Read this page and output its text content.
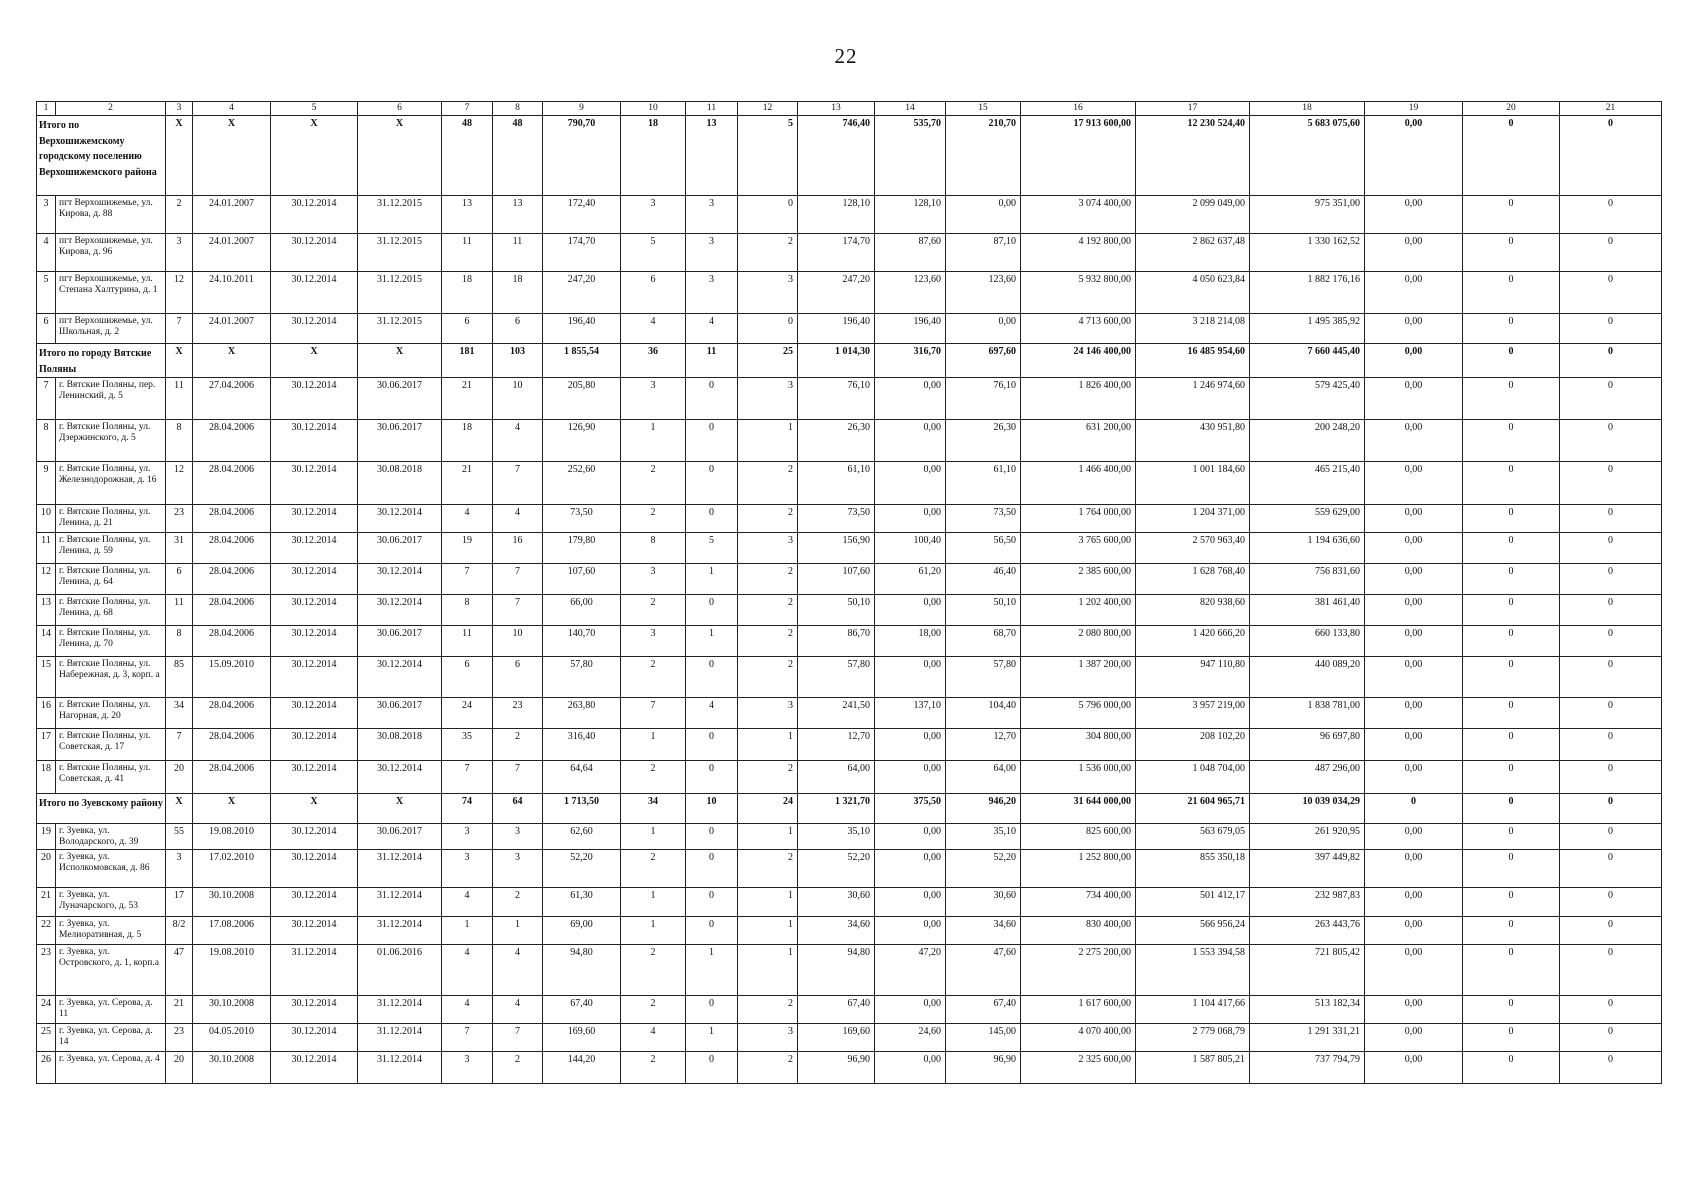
22
1	2	3	4	5	6	7	8	9	10	11	12	13	14	15	16	17	18	19	20	21
Итого по Верхошижемскому городскому поселению Верхошижемского района		X	X	X	X	48	48	790,70	18	13	5	746,40	535,70	210,70	17 913 600,00	12 230 524,40	5 683 075,60	0,00	0	0
3	пгт Верхошижемье, ул. Кирова, д. 88	2	24.01.2007	30.12.2014	31.12.2015	13	13	172,40	3	3	0	128,10	128,10	0,00	3 074 400,00	2 099 049,00	975 351,00	0,00	0	0
4	пгт Верхошижемье, ул. Кирова, д. 96	3	24.01.2007	30.12.2014	31.12.2015	11	11	174,70	5	3	2	174,70	87,60	87,10	4 192 800,00	2 862 637,48	1 330 162,52	0,00	0	0
5	пгт Верхошижемье, ул. Степана Халтурина, д. 1	12	24.10.2011	30.12.2014	31.12.2015	18	18	247,20	6	3	3	247,20	123,60	123,60	5 932 800,00	4 050 623,84	1 882 176,16	0,00	0	0
6	пгт Верхошижемье, ул. Школьная, д. 2	7	24.01.2007	30.12.2014	31.12.2015	6	6	196,40	4	4	0	196,40	196,40	0,00	4 713 600,00	3 218 214,08	1 495 385,92	0,00	0	0
Итого по городу Вятские Поляны		X	X	X	X	181	103	1 855,54	36	11	25	1 014,30	316,70	697,60	24 146 400,00	16 485 954,60	7 660 445,40	0,00	0	0
7	г. Вятские Поляны, пер. Ленинский, д. 5	11	27.04.2006	30.12.2014	30.06.2017	21	10	205,80	3	0	3	76,10	0,00	76,10	1 826 400,00	1 246 974,60	579 425,40	0,00	0	0
8	г. Вятские Поляны, ул. Дзержинского, д. 5	8	28.04.2006	30.12.2014	30.06.2017	18	4	126,90	1	0	1	26,30	0,00	26,30	631 200,00	430 951,80	200 248,20	0,00	0	0
9	г. Вятские Поляны, ул. Железнодорожная, д. 16	12	28.04.2006	30.12.2014	30.08.2018	21	7	252,60	2	0	2	61,10	0,00	61,10	1 466 400,00	1 001 184,60	465 215,40	0,00	0	0
10	г. Вятские Поляны, ул. Ленина, д. 21	23	28.04.2006	30.12.2014	30.12.2014	4	4	73,50	2	0	2	73,50	0,00	73,50	1 764 000,00	1 204 371,00	559 629,00	0,00	0	0
11	г. Вятские Поляны, ул. Ленина, д. 59	31	28.04.2006	30.12.2014	30.06.2017	19	16	179,80	8	5	3	156,90	100,40	56,50	3 765 600,00	2 570 963,40	1 194 636,60	0,00	0	0
12	г. Вятские Поляны, ул. Ленина, д. 64	6	28.04.2006	30.12.2014	30.12.2014	7	7	107,60	3	1	2	107,60	61,20	46,40	2 385 600,00	1 628 768,40	756 831,60	0,00	0	0
13	г. Вятские Поляны, ул. Ленина, д. 68	11	28.04.2006	30.12.2014	30.12.2014	8	7	66,00	2	0	2	50,10	0,00	50,10	1 202 400,00	820 938,60	381 461,40	0,00	0	0
14	г. Вятские Поляны, ул. Ленина, д. 70	8	28.04.2006	30.12.2014	30.06.2017	11	10	140,70	3	1	2	86,70	18,00	68,70	2 080 800,00	1 420 666,20	660 133,80	0,00	0	0
15	г. Вятские Поляны, ул. Набережная, д. 3, корп. а	85	15.09.2010	30.12.2014	30.12.2014	6	6	57,80	2	0	2	57,80	0,00	57,80	1 387 200,00	947 110,80	440 089,20	0,00	0	0
16	г. Вятские Поляны, ул. Нагорная, д. 20	34	28.04.2006	30.12.2014	30.06.2017	24	23	263,80	7	4	3	241,50	137,10	104,40	5 796 000,00	3 957 219,00	1 838 781,00	0,00	0	0
17	г. Вятские Поляны, ул. Советская, д. 17	7	28.04.2006	30.12.2014	30.08.2018	35	2	316,40	1	0	1	12,70	0,00	12,70	304 800,00	208 102,20	96 697,80	0,00	0	0
18	г. Вятские Поляны, ул. Советская, д. 41	20	28.04.2006	30.12.2014	30.12.2014	7	7	64,64	2	0	2	64,00	0,00	64,00	1 536 000,00	1 048 704,00	487 296,00	0,00	0	0
Итого по Зуевскому району		X	X	X	X	74	64	1 713,50	34	10	24	1 321,70	375,50	946,20	31 644 000,00	21 604 965,71	10 039 034,29	0	0	0
19	г. Зуевка, ул. Володарского, д. 39	55	19.08.2010	30.12.2014	30.06.2017	3	3	62,60	1	0	1	35,10	0,00	35,10	825 600,00	563 679,05	261 920,95	0,00	0	0
20	г. Зуевка, ул. Исполкомовская, д. 86	3	17.02.2010	30.12.2014	31.12.2014	3	3	52,20	2	0	2	52,20	0,00	52,20	1 252 800,00	855 350,18	397 449,82	0,00	0	0
21	г. Зуевка, ул. Луначарского, д. 53	17	30.10.2008	30.12.2014	31.12.2014	4	2	61,30	1	0	1	30,60	0,00	30,60	734 400,00	501 412,17	232 987,83	0,00	0	0
22	г. Зуевка, ул. Мелиоративная, д. 5	8/2	17.08.2006	30.12.2014	31.12.2014	1	1	69,00	1	0	1	34,60	0,00	34,60	830 400,00	566 956,24	263 443,76	0,00	0	0
23	г. Зуевка, ул. Островского, д. 1, корп.а	47	19.08.2010	31.12.2014	01.06.2016	4	4	94,80	2	1	1	94,80	47,20	47,60	2 275 200,00	1 553 394,58	721 805,42	0,00	0	0
24	г. Зуевка, ул. Серова, д. 11	21	30.10.2008	30.12.2014	31.12.2014	4	4	67,40	2	0	2	67,40	0,00	67,40	1 617 600,00	1 104 417,66	513 182,34	0,00	0	0
25	г. Зуевка, ул. Серова, д. 14	23	04.05.2010	30.12.2014	31.12.2014	7	7	169,60	4	1	3	169,60	24,60	145,00	4 070 400,00	2 779 068,79	1 291 331,21	0,00	0	0
26	г. Зуевка, ул. Серова, д. 4	20	30.10.2008	30.12.2014	31.12.2014	3	2	144,20	2	0	2	96,90	0,00	96,90	2 325 600,00	1 587 805,21	737 794,79	0,00	0	0
